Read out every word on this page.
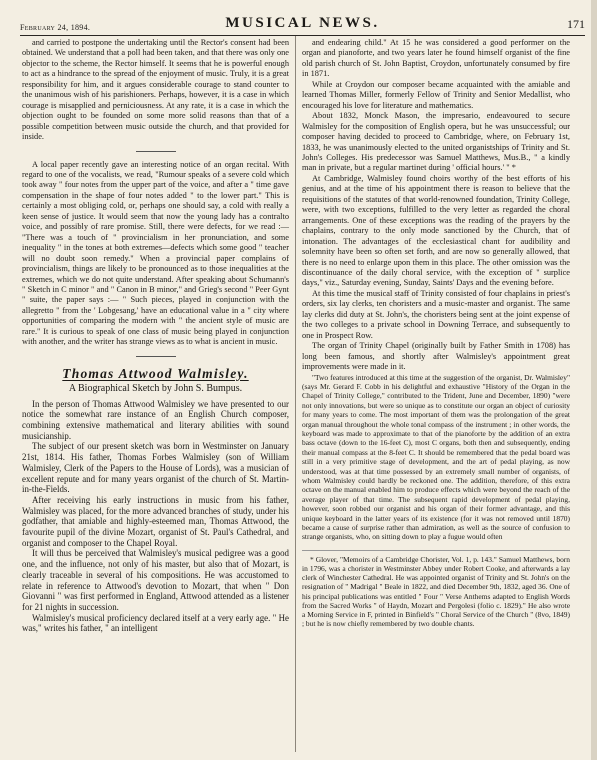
February 24, 1894.	MUSICAL NEWS.	171

and carried to postpone the undertaking until the Rector's consent had been obtained. We understand that a poll had been taken, and that there was only one objector to the scheme, the Rector himself. It seems that he is powerful enough to act as a hindrance to the spread of the enjoyment of music. Truly, it is a great responsibility for him, and it argues considerable courage to stand counter to the unanimous wish of his parishioners. Perhaps, however, it is a case in which courage is misapplied and perniciousness. At any rate, it is a case in which the objection ought to be founded on some more solid reasons than that of a possible competition between music outside the church, and that provided for inside.

A local paper recently gave an interesting notice of an organ recital. With regard to one of the vocalists, we read, "Rumour speaks of a severe cold which took away " four notes from the upper part of the voice, and after a " time gave compensation in the shape of four notes added " to the lower part." This is certainly a most obliging cold, or, perhaps one should say, a cold with really a keen sense of justice. It would seem that now the young lady has a contralto voice, and possibly of rare promise. Still, there were defects, for we read :— "There was a touch of " provincialism in her pronunciation, and some inequality " in the tones at both extremes—defects which some good " teacher will no doubt soon remedy." When a provincial paper complains of provincialism, things are likely to be pronounced as to those inequalities at the extremes, which we do not quite understand. After speaking about Schumann's " Sketch in C minor " and " Canon in B minor," and Grieg's second " Peer Gynt " suite, the paper says :— " Such pieces, played in conjunction with the allegretto " from the ' Lobgesang,' have an educational value in a " city where opportunities of comparing the modern with " the ancient style of music are rare." It is curious to speak of one class of music being played in conjunction with another, and the writer has strange views as to what is ancient in music.

Thomas Attwood Walmisley.
A Biographical Sketch by John S. Bumpus.

In the person of Thomas Attwood Walmisley we have presented to our notice the somewhat rare instance of an English Church composer, combining extensive mathematical and literary abilities with sound musicianship.

The subject of our present sketch was born in Westminster on January 21st, 1814. His father, Thomas Forbes Walmisley (son of William Walmisley, Clerk of the Papers to the House of Lords), was a musician of excellent repute and for many years organist of the church of St. Martin-in-the-Fields.

After receiving his early instructions in music from his father, Walmisley was placed, for the more advanced branches of study, under his godfather, that amiable and highly-esteemed man, Thomas Attwood, the favourite pupil of the divine Mozart, organist of St. Paul's Cathedral, and organist and composer to the Chapel Royal.

It will thus be perceived that Walmisley's musical pedigree was a good one, and the influence, not only of his master, but also that of Mozart, is clearly traceable in several of his compositions. He was accustomed to relate in reference to Attwood's devotion to Mozart, that when " Don Giovanni " was first performed in England, Attwood attended as a listener for 21 nights in succession.

Walmisley's musical proficiency declared itself at a very early age. " He was," writes his father, " an intelligent

and endearing child." At 15 he was considered a good performer on the organ and pianoforte, and two years later he found himself organist of the fine old parish church of St. John Baptist, Croydon, unfortunately consumed by fire in 1871.

While at Croydon our composer became acquainted with the amiable and learned Thomas Miller, formerly Fellow of Trinity and Senior Medallist, who encouraged his love for literature and mathematics.

About 1832, Monck Mason, the impresario, endeavoured to secure Walmisley for the composition of English opera, but he was unsuccessful; our composer having decided to proceed to Cambridge, where, on February 1st, 1833, he was unanimously elected to the united organistships of Trinity and St. John's Colleges. His predecessor was Samuel Matthews, Mus.B., " a kindly man in private, but a regular martinet during ' official hours.' " *

At Cambridge, Walmisley found choirs worthy of the best efforts of his genius, and at the time of his appointment there is reason to believe that the requisitions of the statutes of that world-renowned foundation, Trinity College, were, with two exceptions, fulfilled to the very letter as regarded the choral arrangements. One of these exceptions was the reading of the prayers by the chaplains, contrary to the only mode sanctioned by the Church, that of intonation. The advantages of the ecclesiastical chant for audibility and solemnity have been so often set forth, and are now so generally allowed, that there is no need to enlarge upon them in this place. The other omission was the discontinuance of the daily choral service, with the exception of " surplice days," viz., Saturday evening, Sunday, Saints' Days and the evening before.

At this time the musical staff of Trinity consisted of four chaplains in priest's orders, six lay clerks, ten choristers and a music-master and organist. The same lay clerks did duty at St. John's, the choristers being sent at the joint expense of the two colleges to a private school in Downing Terrace, and subsequently to one in Prospect Row.

The organ of Trinity Chapel (originally built by Father Smith in 1708) has long been famous, and shortly after Walmisley's appointment great improvements were made in it.

"Two features introduced at this time at the suggestion of the organist, Dr. Walmisley" (says Mr. Gerard F. Cobb in his delightful and exhaustive "History of the Organ in the Chapel of Trinity College," contributed to the Trident, June and December, 1890) "were not only innovations, but were so unique as to constitute our organ an object of curiosity for many years to come. The most important of them was the prolongation of the great organ manual throughout the whole tonal compass of the instrument ; in other words, the keyboard was made to approximate to that of the pianoforte by the addition of an extra bass octave (down to the 16-feet C), most C organs, both then and subsequently, ending their manual compass at the 8-feet C. It should be remembered that the pedal board was still in a very primitive stage of development, and the art of pedal playing, as now understood, was at that time possessed by an extremely small number of organists, of whom Walmisley could hardly be reckoned one. The addition, therefore, of this extra octave on the manual enabled him to produce effects which were beyond the reach of the average player of that time. The subsequent rapid development of pedal playing, however, soon robbed our organist and his organ of their former advantage, and this unique keyboard in the latter years of its existence (for it was not removed until 1870) became a cause of surprise rather than admiration, as well as the source of confusion to strange organists, who, on sitting down to play a fugue would often

* Glover, "Memoirs of a Cambridge Chorister, Vol. 1, p. 143." Samuel Matthews, born in 1796, was a chorister in Westminster Abbey under Robert Cooke, and afterwards a lay clerk of Winchester Cathedral. He was appointed organist of Trinity and St. John's on the resignation of " Madrigal " Beale in 1822, and died December 9th, 1832, aged 36. One of his principal publications was entitled " Four " Verse Anthems adapted to English Words from the Sacred Works " of Haydn, Mozart and Pergolesi (folio c. 1829)." He also wrote a Morning Service in F, printed in Binfield's " Choral Service of the Church " (8vo, 1849) ; but he is now chiefly remembered by two double chants.
